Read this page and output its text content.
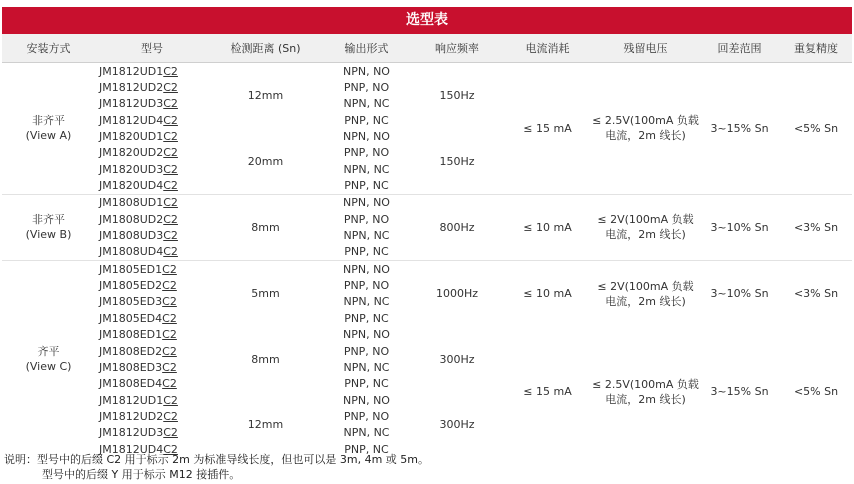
选型表
安装方式	型号	检测距离 (Sn)	输出形式	响应频率	电流消耗	残留电压	回差范围	重复精度

非齐平
(View A)	JM1812UD1C2	12mm	NPN, NO	150Hz	≤ 15 mA	≤ 2.5V(100mA 负载电流，2m 线长)	3~15% Sn	<5% Sn
	JM1812UD2C2		PNP, NO					
	JM1812UD3C2		NPN, NC					
	JM1812UD4C2		PNP, NC					
	JM1820UD1C2	20mm	NPN, NO	150Hz				
	JM1820UD2C2		PNP, NO					
	JM1820UD3C2		NPN, NC					
	JM1820UD4C2		PNP, NC					

非齐平
(View B)	JM1808UD1C2	8mm	NPN, NO	800Hz	≤ 10 mA	≤ 2V(100mA 负载电流，2m 线长)	3~10% Sn	<3% Sn
	JM1808UD2C2		PNP, NO					
	JM1808UD3C2		NPN, NC					
	JM1808UD4C2		PNP, NC					

齐平
(View C)	JM1805ED1C2	5mm	NPN, NO	1000Hz	≤ 10 mA	≤ 2V(100mA 负载电流，2m 线长)	3~10% Sn	<3% Sn
	JM1805ED2C2		PNP, NO					
	JM1805ED3C2		NPN, NC					
	JM1805ED4C2		PNP, NC					
	JM1808ED1C2	8mm	NPN, NO	300Hz	≤ 15 mA	≤ 2.5V(100mA 负载电流，2m 线长)	3~15% Sn	<5% Sn
	JM1808ED2C2		PNP, NO					
	JM1808ED3C2		NPN, NC					
	JM1808ED4C2		PNP, NC					
	JM1812UD1C2	12mm	NPN, NO	300Hz				
	JM1812UD2C2		PNP, NO					
	JM1812UD3C2		NPN, NC					
	JM1812UD4C2		PNP, NC					
说明：型号中的后缀 C2 用于标示 2m 为标准导线长度，但也可以是 3m, 4m 或 5m。
型号中的后缀 Y 用于标示 M12 接插件。
